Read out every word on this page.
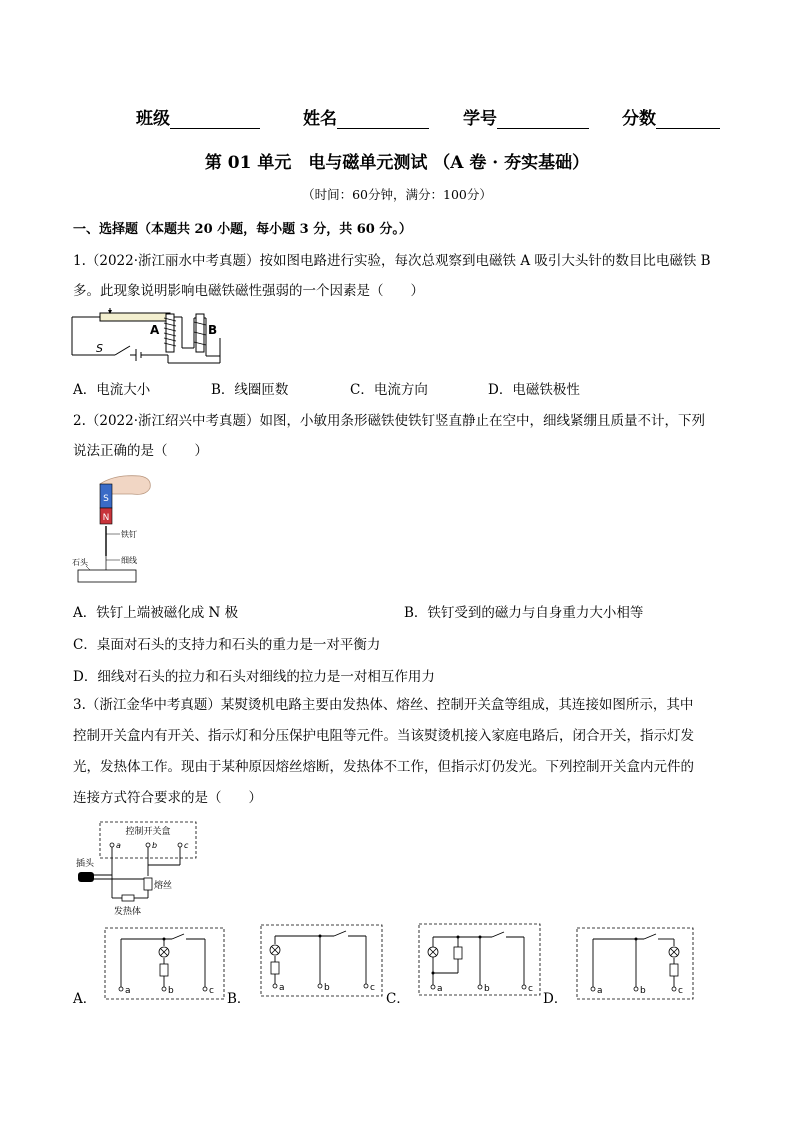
班级	姓名	学号	分数
第 01 单元　电与磁单元测试 （A 卷 · 夯实基础）
（时间：60分钟，满分：100分）
一、选择题（本题共 20 小题，每小题 3 分，共 60 分。）
1.（2022·浙江丽水中考真题）按如图电路进行实验，每次总观察到电磁铁 A 吸引大头针的数目比电磁铁 B
多。此现象说明影响电磁铁磁性强弱的一个因素是（　　）
A	B
S
A．电流大小	B．线圈匝数	C．电流方向	D．电磁铁极性
2.（2022·浙江绍兴中考真题）如图，小敏用条形磁铁使铁钉竖直静止在空中，细线紧绷且质量不计，下列
说法正确的是（　　）
S
N
铁钉
细线
石头
A．铁钉上端被磁化成 N 极	B．铁钉受到的磁力与自身重力大小相等
C．桌面对石头的支持力和石头的重力是一对平衡力
D．细线对石头的拉力和石头对细线的拉力是一对相互作用力
3.（浙江金华中考真题）某熨烫机电路主要由发热体、熔丝、控制开关盒等组成，其连接如图所示，其中
控制开关盒内有开关、指示灯和分压保护电阻等元件。当该熨烫机接入家庭电路后，闭合开关，指示灯发
光，发热体工作。现由于某种原因熔丝熔断，发热体不工作，但指示灯仍发光。下列控制开关盒内元件的
连接方式符合要求的是（　　）
控制开关盒
a	b	c
插头
熔丝
发热体
A．	B．	C．	D．
a	b	c	a	b	c	a	b	c	a	b	c
